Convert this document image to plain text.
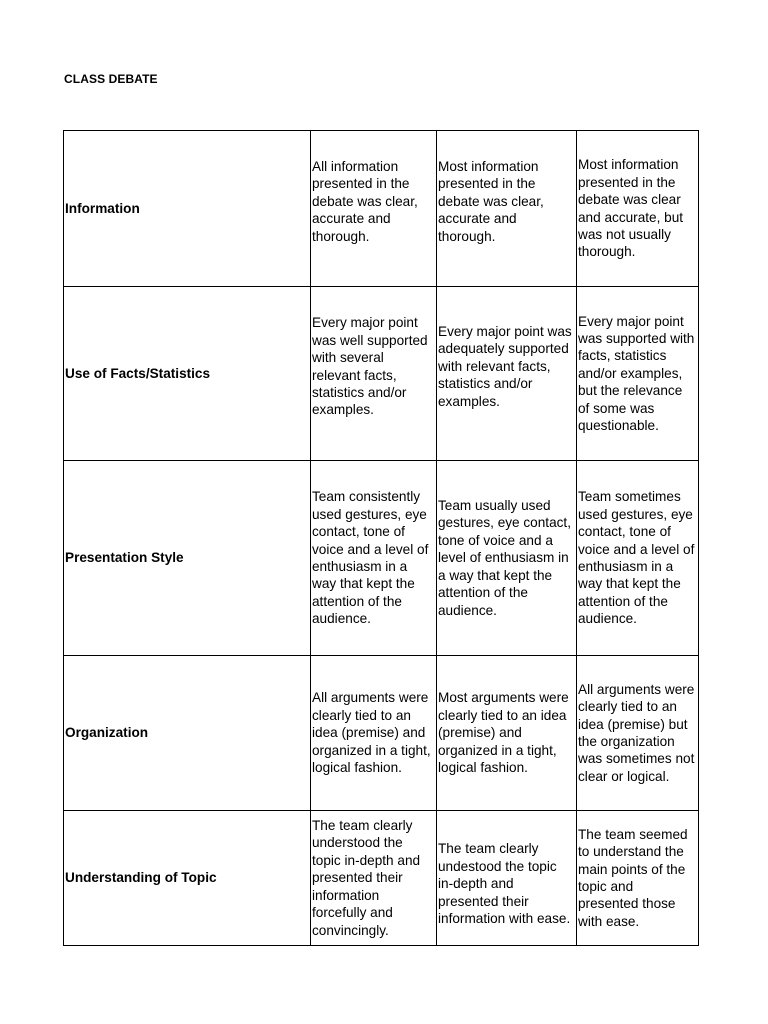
CLASS DEBATE
Information	All information presented in the debate was clear, accurate and thorough.	Most information presented in the debate was clear, accurate and thorough.	Most information presented in the debate was clear and accurate, but was not usually thorough.
Use of Facts/Statistics	Every major point was well supported with several relevant facts, statistics and/or examples.	Every major point was adequately supported with relevant facts, statistics and/or examples.	Every major point was supported with facts, statistics and/or examples, but the relevance of some was questionable.
Presentation Style	Team consistently used gestures, eye contact, tone of voice and a level of enthusiasm in a way that kept the attention of the audience.	Team usually used gestures, eye contact, tone of voice and a level of enthusiasm in a way that kept the attention of the audience.	Team sometimes used gestures, eye contact, tone of voice and a level of enthusiasm in a way that kept the attention of the audience.
Organization	All arguments were clearly tied to an idea (premise) and organized in a tight, logical fashion.	Most arguments were clearly tied to an idea (premise) and organized in a tight, logical fashion.	All arguments were clearly tied to an idea (premise) but the organization was sometimes not clear or logical.
Understanding of Topic	The team clearly understood the topic in-depth and presented their information forcefully and convincingly.	The team clearly undestood the topic in-depth and presented their information with ease.	The team seemed to understand the main points of the topic and presented those with ease.
